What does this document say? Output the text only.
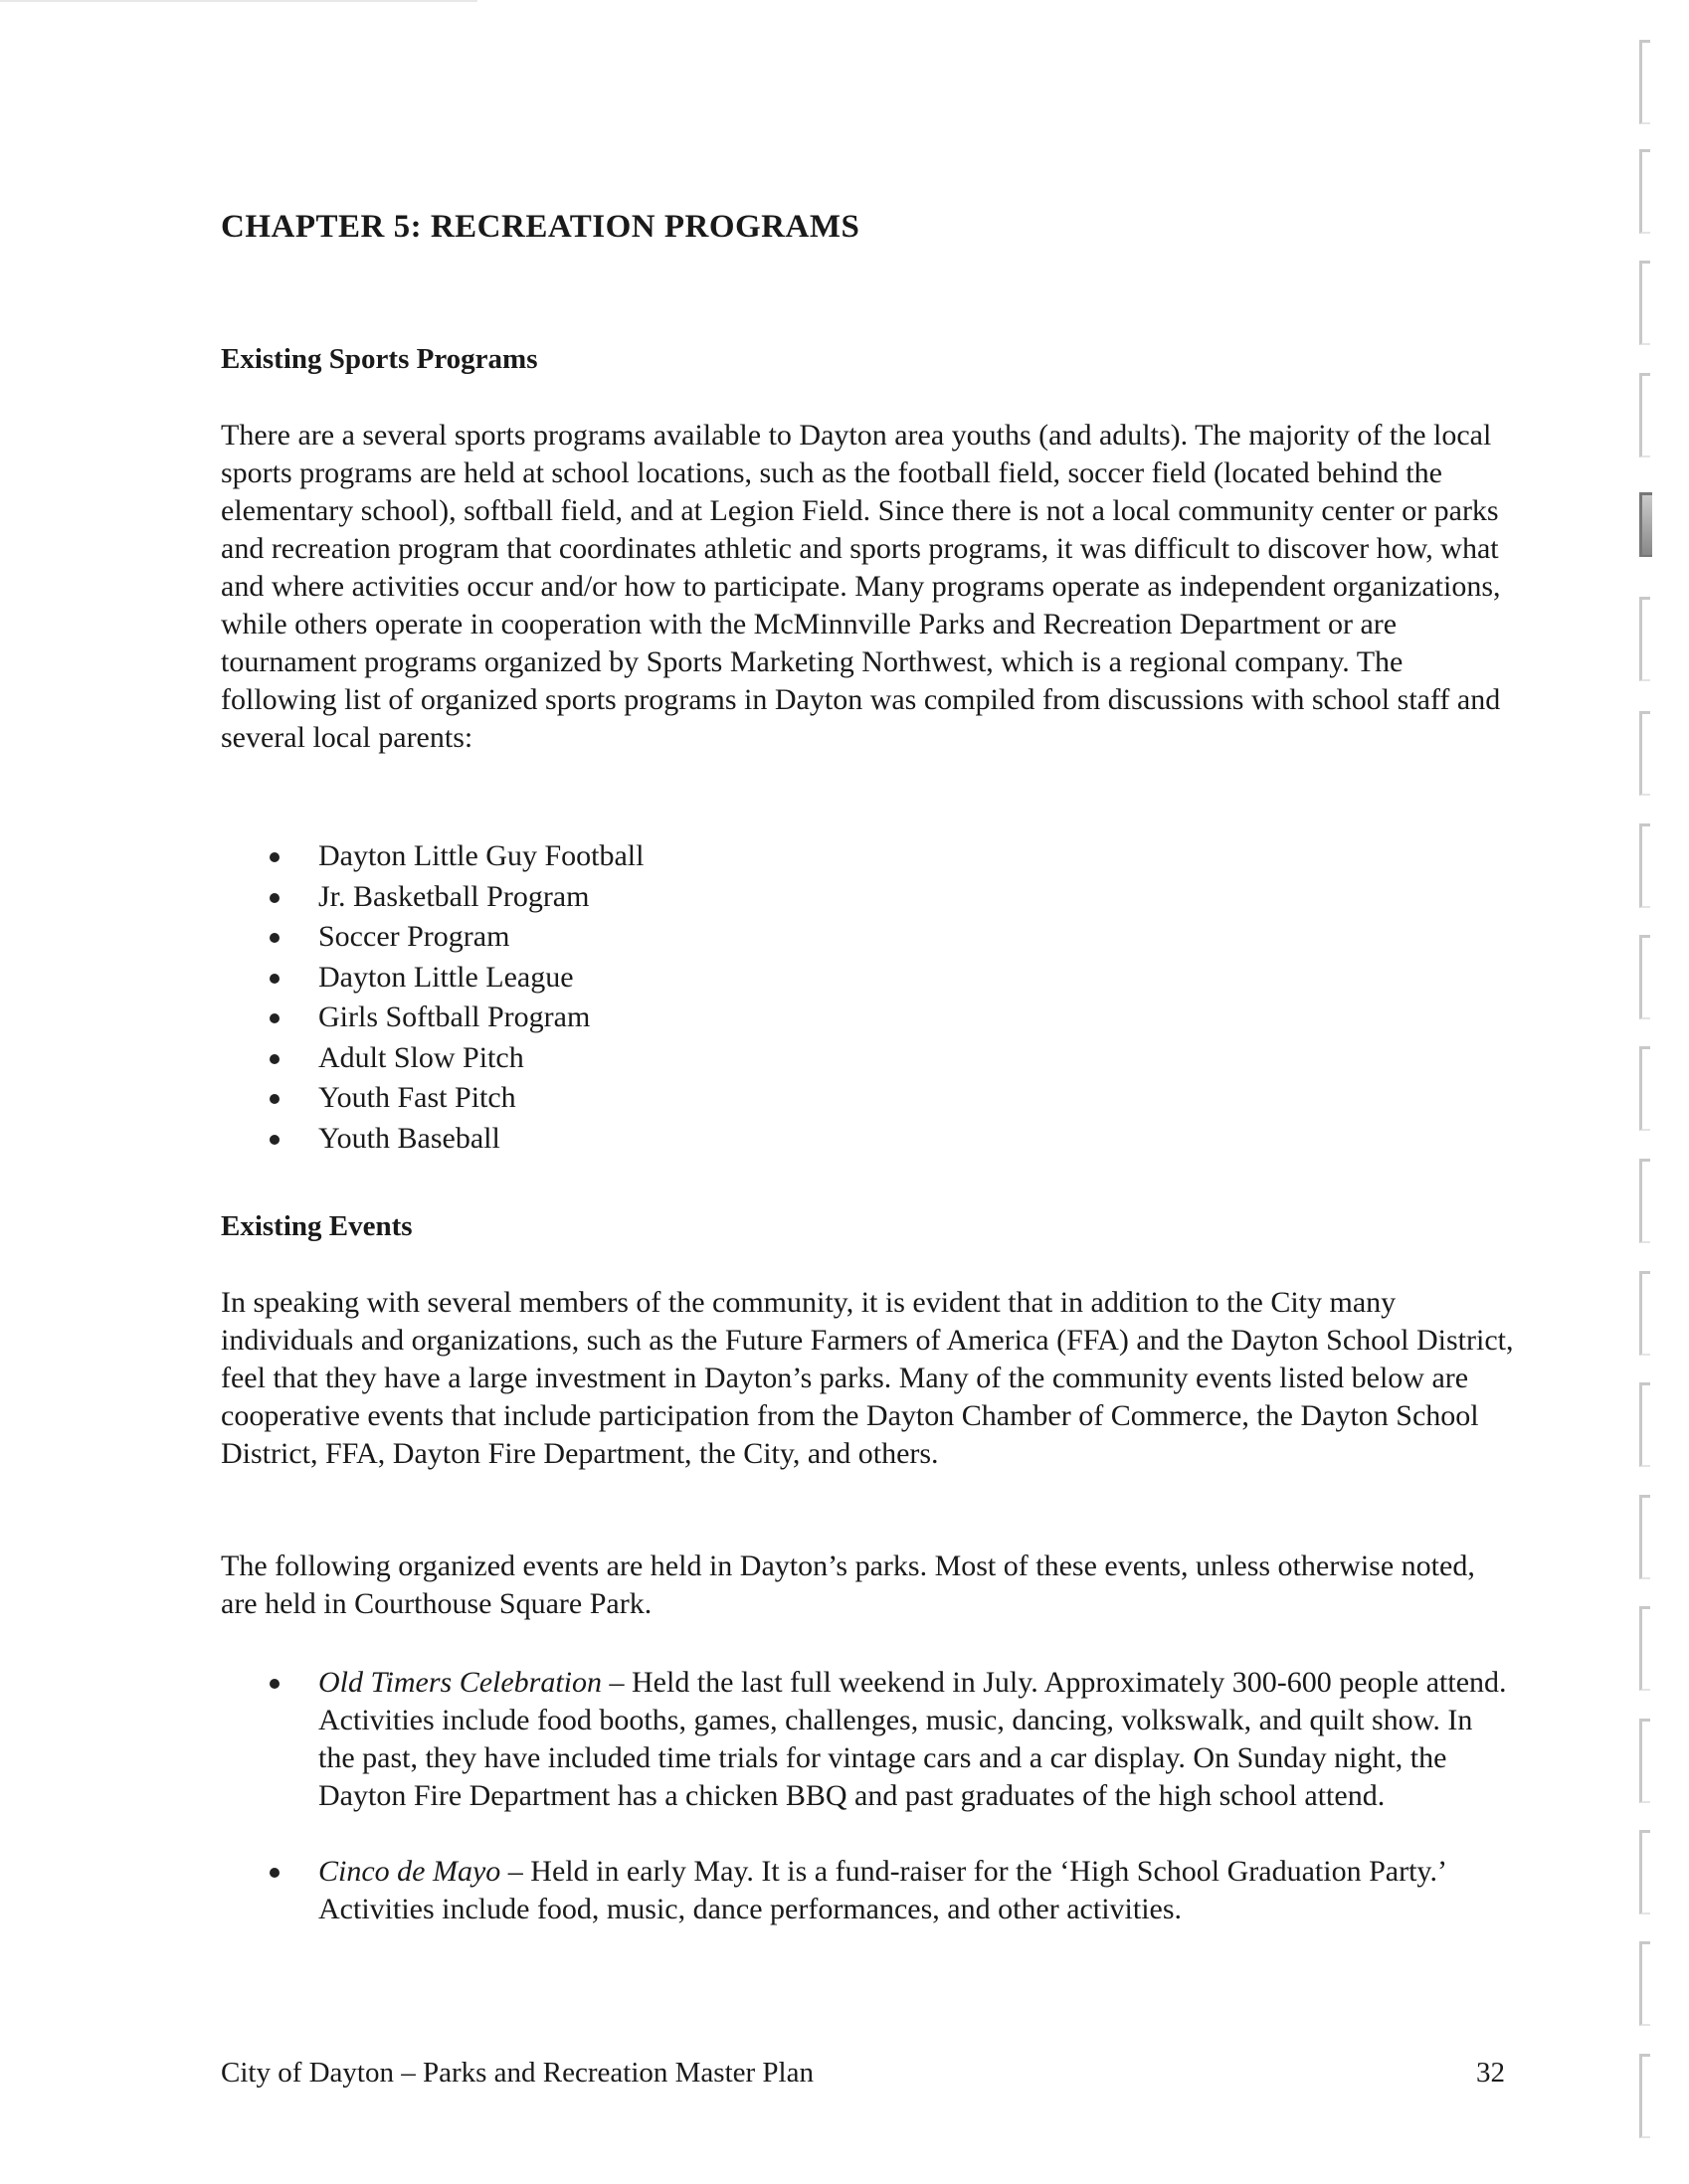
CHAPTER 5: RECREATION PROGRAMS
Existing Sports Programs

There are a several sports programs available to Dayton area youths (and adults). The majority of the local sports programs are held at school locations, such as the football field, soccer field (located behind the elementary school), softball field, and at Legion Field. Since there is not a local community center or parks and recreation program that coordinates athletic and sports programs, it was difficult to discover how, what and where activities occur and/or how to participate. Many programs operate as independent organizations, while others operate in cooperation with the McMinnville Parks and Recreation Department or are tournament programs organized by Sports Marketing Northwest, which is a regional company. The following list of organized sports programs in Dayton was compiled from discussions with school staff and several local parents:

Dayton Little Guy Football
Jr. Basketball Program
Soccer Program
Dayton Little League
Girls Softball Program
Adult Slow Pitch
Youth Fast Pitch
Youth Baseball
Existing Events

In speaking with several members of the community, it is evident that in addition to the City many individuals and organizations, such as the Future Farmers of America (FFA) and the Dayton School District, feel that they have a large investment in Dayton’s parks. Many of the community events listed below are cooperative events that include participation from the Dayton Chamber of Commerce, the Dayton School District, FFA, Dayton Fire Department, the City, and others.

The following organized events are held in Dayton’s parks. Most of these events, unless otherwise noted, are held in Courthouse Square Park.

Old Timers Celebration – Held the last full weekend in July. Approximately 300-600 people attend. Activities include food booths, games, challenges, music, dancing, volkswalk, and quilt show. In the past, they have included time trials for vintage cars and a car display. On Sunday night, the Dayton Fire Department has a chicken BBQ and past graduates of the high school attend.
Cinco de Mayo – Held in early May. It is a fund-raiser for the ‘High School Graduation Party.’ Activities include food, music, dance performances, and other activities.
City of Dayton – Parks and Recreation Master Plan	32
